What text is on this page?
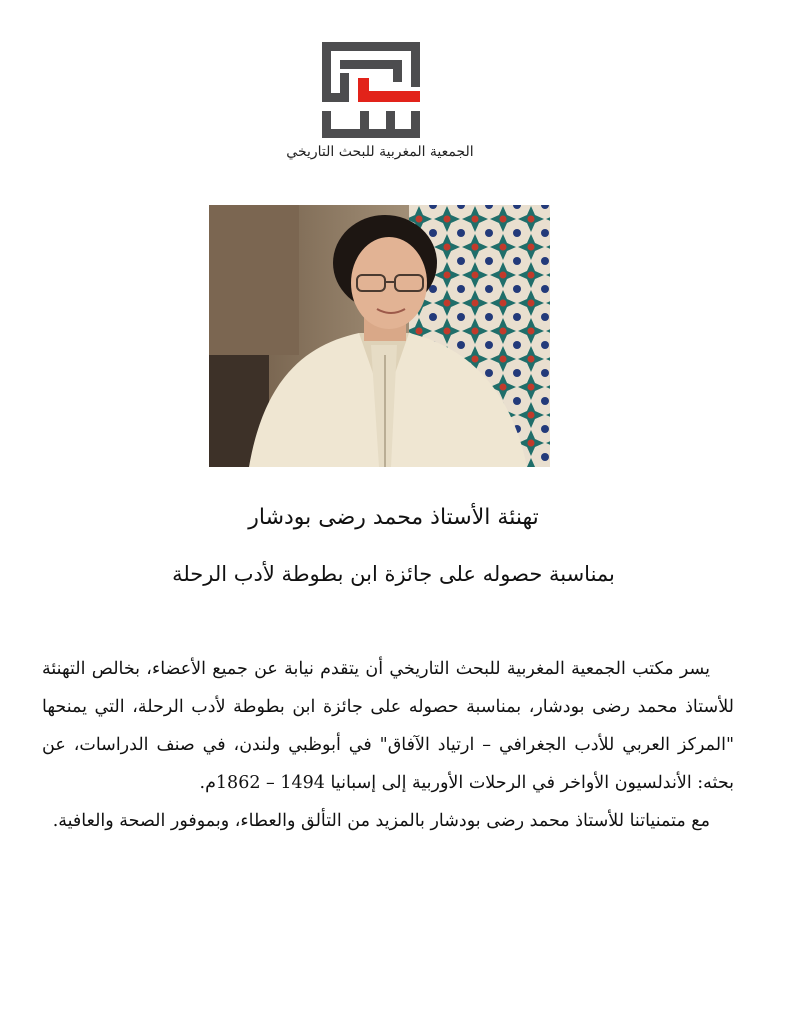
الجمعية المغربية للبحث التاريخي
تهنئة الأستاذ محمد رضى بودشار
بمناسبة حصوله على جائزة ابن بطوطة لأدب الرحلة

يسر مكتب الجمعية المغربية للبحث التاريخي أن يتقدم نيابة عن جميع الأعضاء، بخالص التهنئة للأستاذ محمد رضى بودشار، بمناسبة حصوله على جائزة ابن بطوطة لأدب الرحلة، التي يمنحها "المركز العربي للأدب الجغرافي – ارتياد الآفاق" في أبوظبي ولندن، في صنف الدراسات، عن بحثه: الأندلسيون الأواخر في الرحلات الأوربية إلى إسبانيا 1494 – 1862م.

مع متمنياتنا للأستاذ محمد رضى بودشار بالمزيد من التألق والعطاء، وبموفور الصحة والعافية.
